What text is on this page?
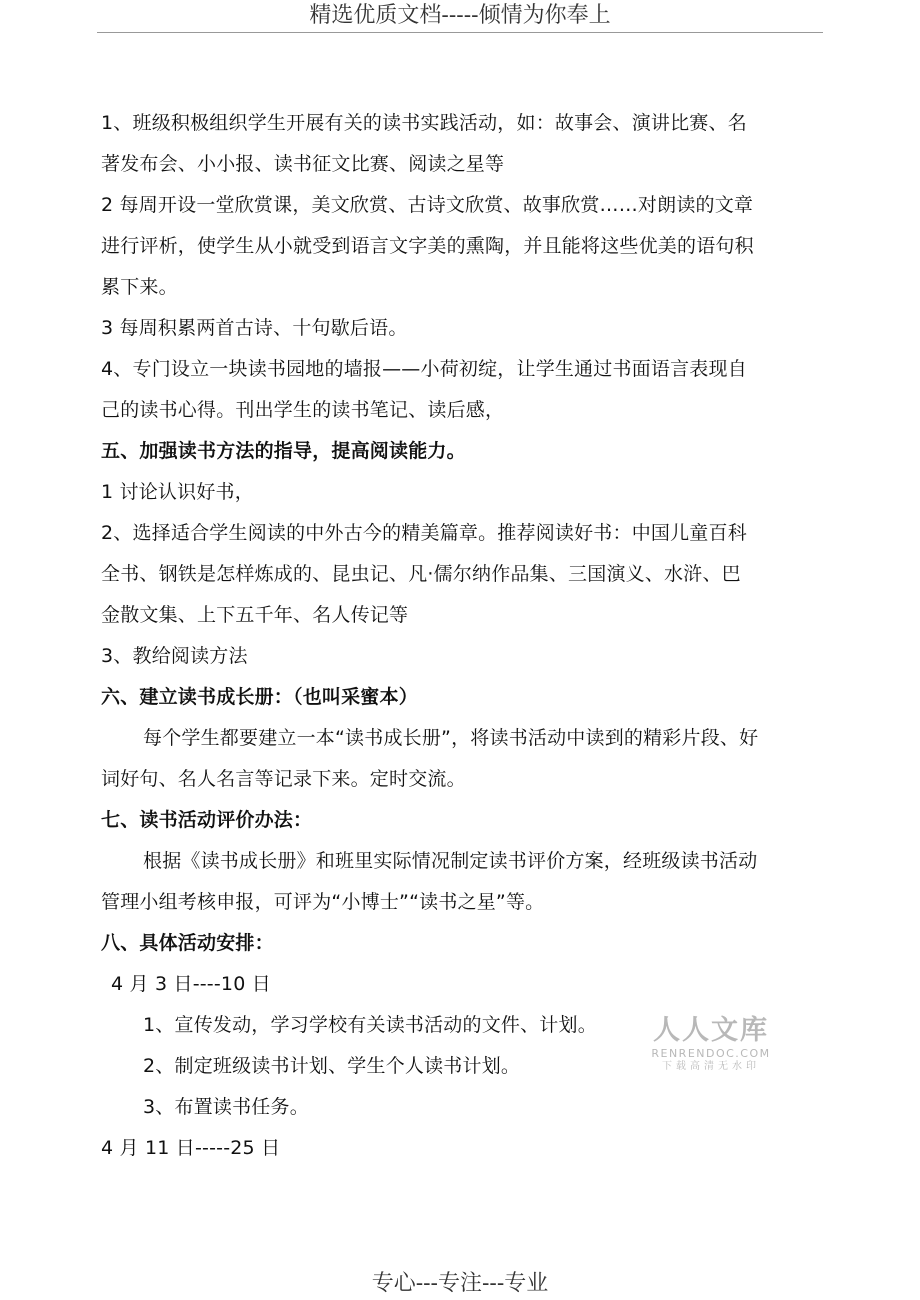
精选优质文档-----倾情为你奉上
1、班级积极组织学生开展有关的读书实践活动，如：故事会、演讲比赛、名
著发布会、小小报、读书征文比赛、阅读之星等
2 每周开设一堂欣赏课，美文欣赏、古诗文欣赏、故事欣赏……对朗读的文章
进行评析，使学生从小就受到语言文字美的熏陶，并且能将这些优美的语句积
累下来。
3 每周积累两首古诗、十句歇后语。
4、专门设立一块读书园地的墙报——小荷初绽，让学生通过书面语言表现自
己的读书心得。刊出学生的读书笔记、读后感，
五、加强读书方法的指导，提高阅读能力。
1 讨论认识好书，
2、选择适合学生阅读的中外古今的精美篇章。推荐阅读好书：中国儿童百科
全书、钢铁是怎样炼成的、昆虫记、凡·儒尔纳作品集、三国演义、水浒、巴
金散文集、上下五千年、名人传记等
3、教给阅读方法
六、建立读书成长册：（也叫采蜜本）
每个学生都要建立一本“读书成长册”，将读书活动中读到的精彩片段、好
词好句、名人名言等记录下来。定时交流。
七、读书活动评价办法：
根据《读书成长册》和班里实际情况制定读书评价方案，经班级读书活动
管理小组考核申报，可评为“小博士”“读书之星”等。
八、具体活动安排：
4 月 3 日----10 日
1、宣传发动，学习学校有关读书活动的文件、计划。
2、制定班级读书计划、学生个人读书计划。
3、布置读书任务。
4 月 11 日-----25 日
人人文库
RENRENDOC.COM
下载高清无水印
专心---专注---专业
